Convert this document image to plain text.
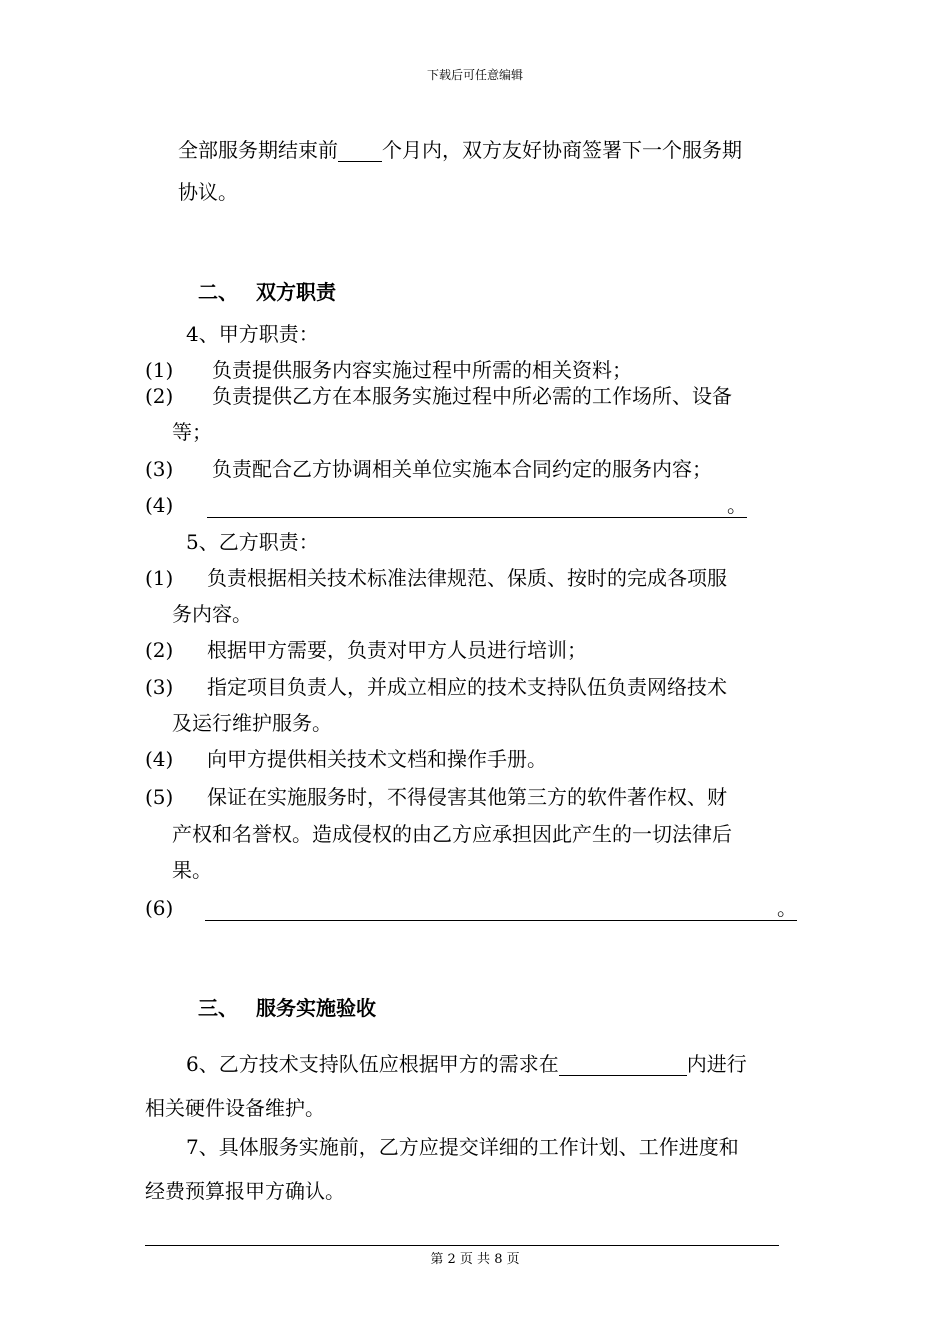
下载后可任意编辑
全部服务期结束前 个月内，双方友好协商签署下一个服务期
协议。
二、 双方职责
4、甲方职责：
(1) 负责提供服务内容实施过程中所需的相关资料；
(2) 负责提供乙方在本服务实施过程中所必需的工作场所、设备
等；
(3) 负责配合乙方协调相关单位实施本合同约定的服务内容；
(4)	。
5、乙方职责：
(1) 负责根据相关技术标准法律规范、保质、按时的完成各项服
务内容。
(2) 根据甲方需要，负责对甲方人员进行培训；
(3) 指定项目负责人，并成立相应的技术支持队伍负责网络技术
及运行维护服务。
(4) 向甲方提供相关技术文档和操作手册。
(5) 保证在实施服务时，不得侵害其他第三方的软件著作权、财
产权和名誉权。造成侵权的由乙方应承担因此产生的一切法律后
果。
(6)	。
三、 服务实施验收
6、乙方技术支持队伍应根据甲方的需求在	内进行
相关硬件设备维护。
7、具体服务实施前，乙方应提交详细的工作计划、工作进度和
经费预算报甲方确认。
第 2 页 共 8 页
